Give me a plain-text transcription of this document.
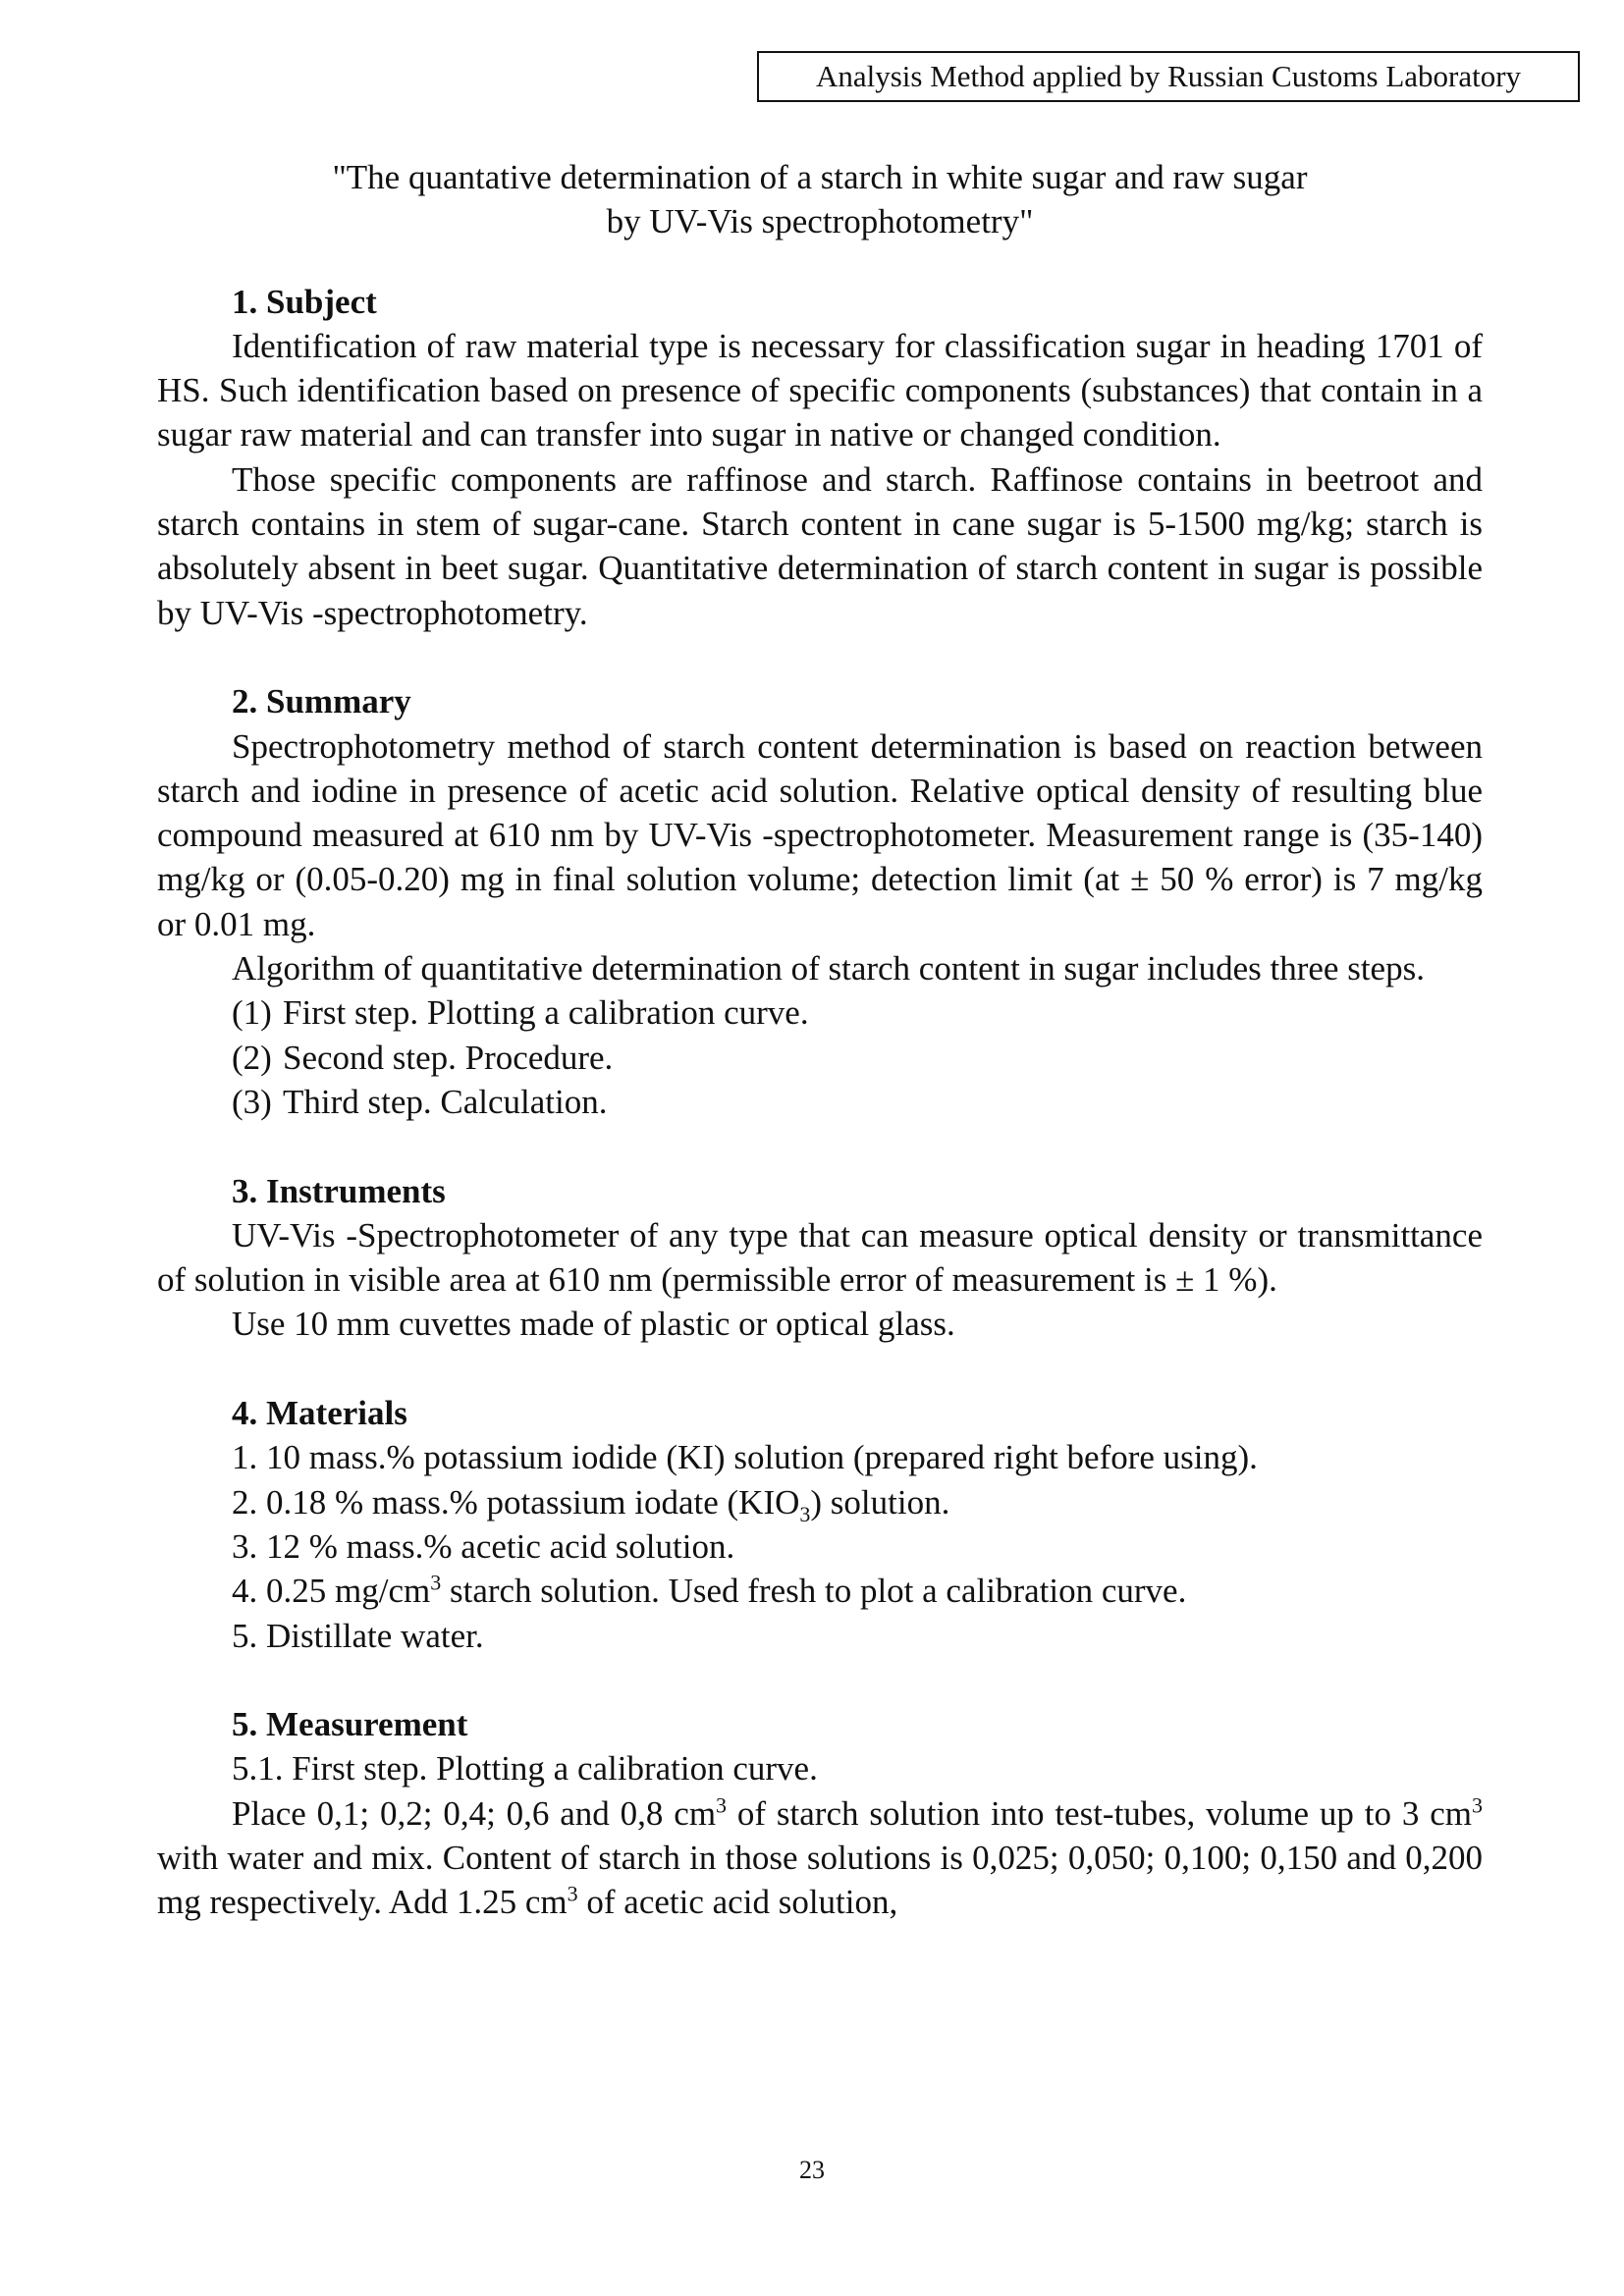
Analysis Method applied by Russian Customs Laboratory
"The quantative determination of a starch in white sugar and raw sugar
by UV-Vis spectrophotometry"
1. Subject

Identification of raw material type is necessary for classification sugar in heading 1701 of HS. Such identification based on presence of specific components (substances) that contain in a sugar raw material and can transfer into sugar in native or changed condition.

Those specific components are raffinose and starch. Raffinose contains in beetroot and starch contains in stem of sugar-cane. Starch content in cane sugar is 5-1500 mg/kg; starch is absolutely absent in beet sugar. Quantitative determination of starch content in sugar is possible by UV-Vis -spectrophotometry.

2. Summary

Spectrophotometry method of starch content determination is based on reaction between starch and iodine in presence of acetic acid solution. Relative optical density of resulting blue compound measured at 610 nm by UV-Vis -spectrophotometer. Measurement range is (35-140) mg/kg or (0.05-0.20) mg in final solution volume; detection limit (at ± 50 % error) is 7 mg/kg or 0.01 mg.

Algorithm of quantitative determination of starch content in sugar includes three steps.

(1) First step. Plotting a calibration curve.
(2) Second step. Procedure.
(3) Third step. Calculation.
3. Instruments

UV-Vis -Spectrophotometer of any type that can measure optical density or transmittance of solution in visible area at 610 nm (permissible error of measurement is ± 1 %).

Use 10 mm cuvettes made of plastic or optical glass.

4. Materials
1. 10 mass.% potassium iodide (KI) solution (prepared right before using).
2. 0.18 % mass.% potassium iodate $(KIO_3)$ solution.
3. 12 % mass.% acetic acid solution.
4. 0.25 $mg/cm^3$ starch solution. Used fresh to plot a calibration curve.
5. Distillate water.
5. Measurement
5.1. First step. Plotting a calibration curve.

Place 0,1; 0,2; 0,4; 0,6 and 0,8 $cm^3$ of starch solution into test-tubes, volume up to 3 $cm^3$ with water and mix. Content of starch in those solutions is 0,025; 0,050; 0,100; 0,150 and 0,200 mg respectively. Add 1.25 $cm^3$ of acetic acid solution,

23
